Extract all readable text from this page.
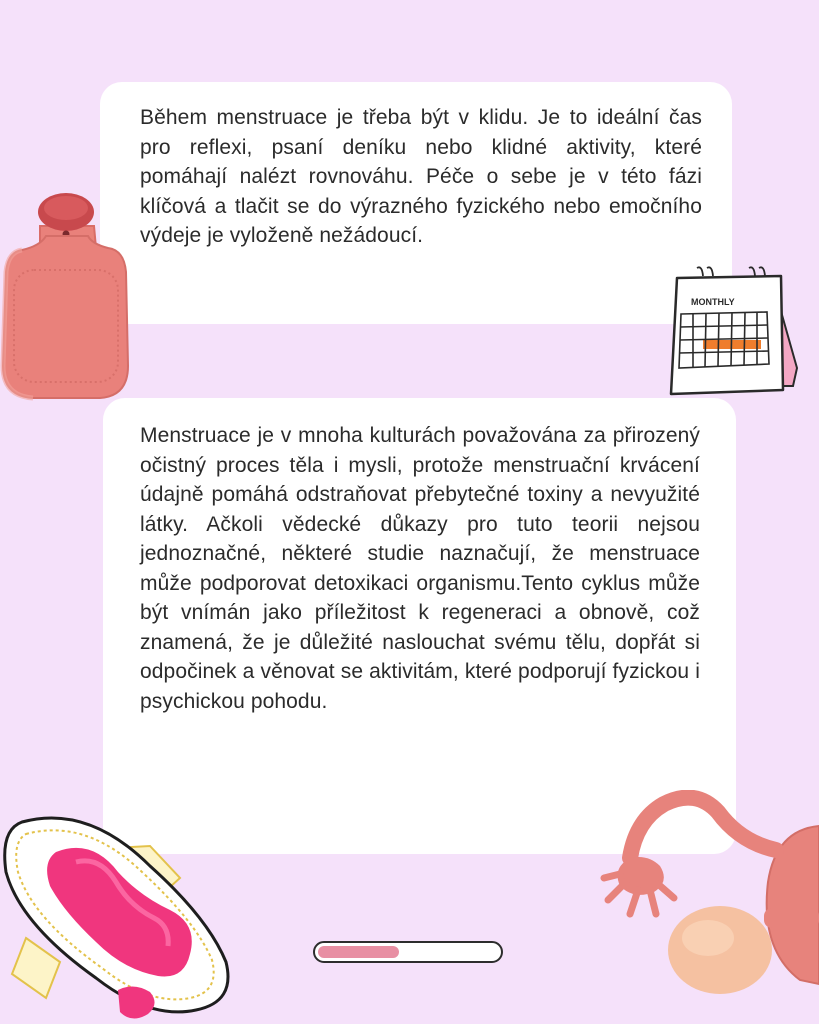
Během menstruace je třeba být v klidu. Je to ideální čas pro reflexi, psaní deníku nebo klidné aktivity, které pomáhají nalézt rovnováhu. Péče o sebe je v této fázi klíčová a tlačit se do výrazného fyzického nebo emočního výdeje je vyloženě nežádoucí.

Menstruace je v mnoha kulturách považována za přirozený očistný proces těla i mysli, protože menstruační krvácení údajně pomáhá odstraňovat přebytečné toxiny a nevyužité látky. Ačkoli vědecké důkazy pro tuto teorii nejsou jednoznačné, některé studie naznačují, že menstruace může podporovat detoxikaci organismu.Tento cyklus může být vnímán jako příležitost k regeneraci a obnově, což znamená, že je důležité naslouchat svému tělu, dopřát si odpočinek a věnovat se aktivitám, které podporují fyzickou i psychickou pohodu.

MONTHLY
